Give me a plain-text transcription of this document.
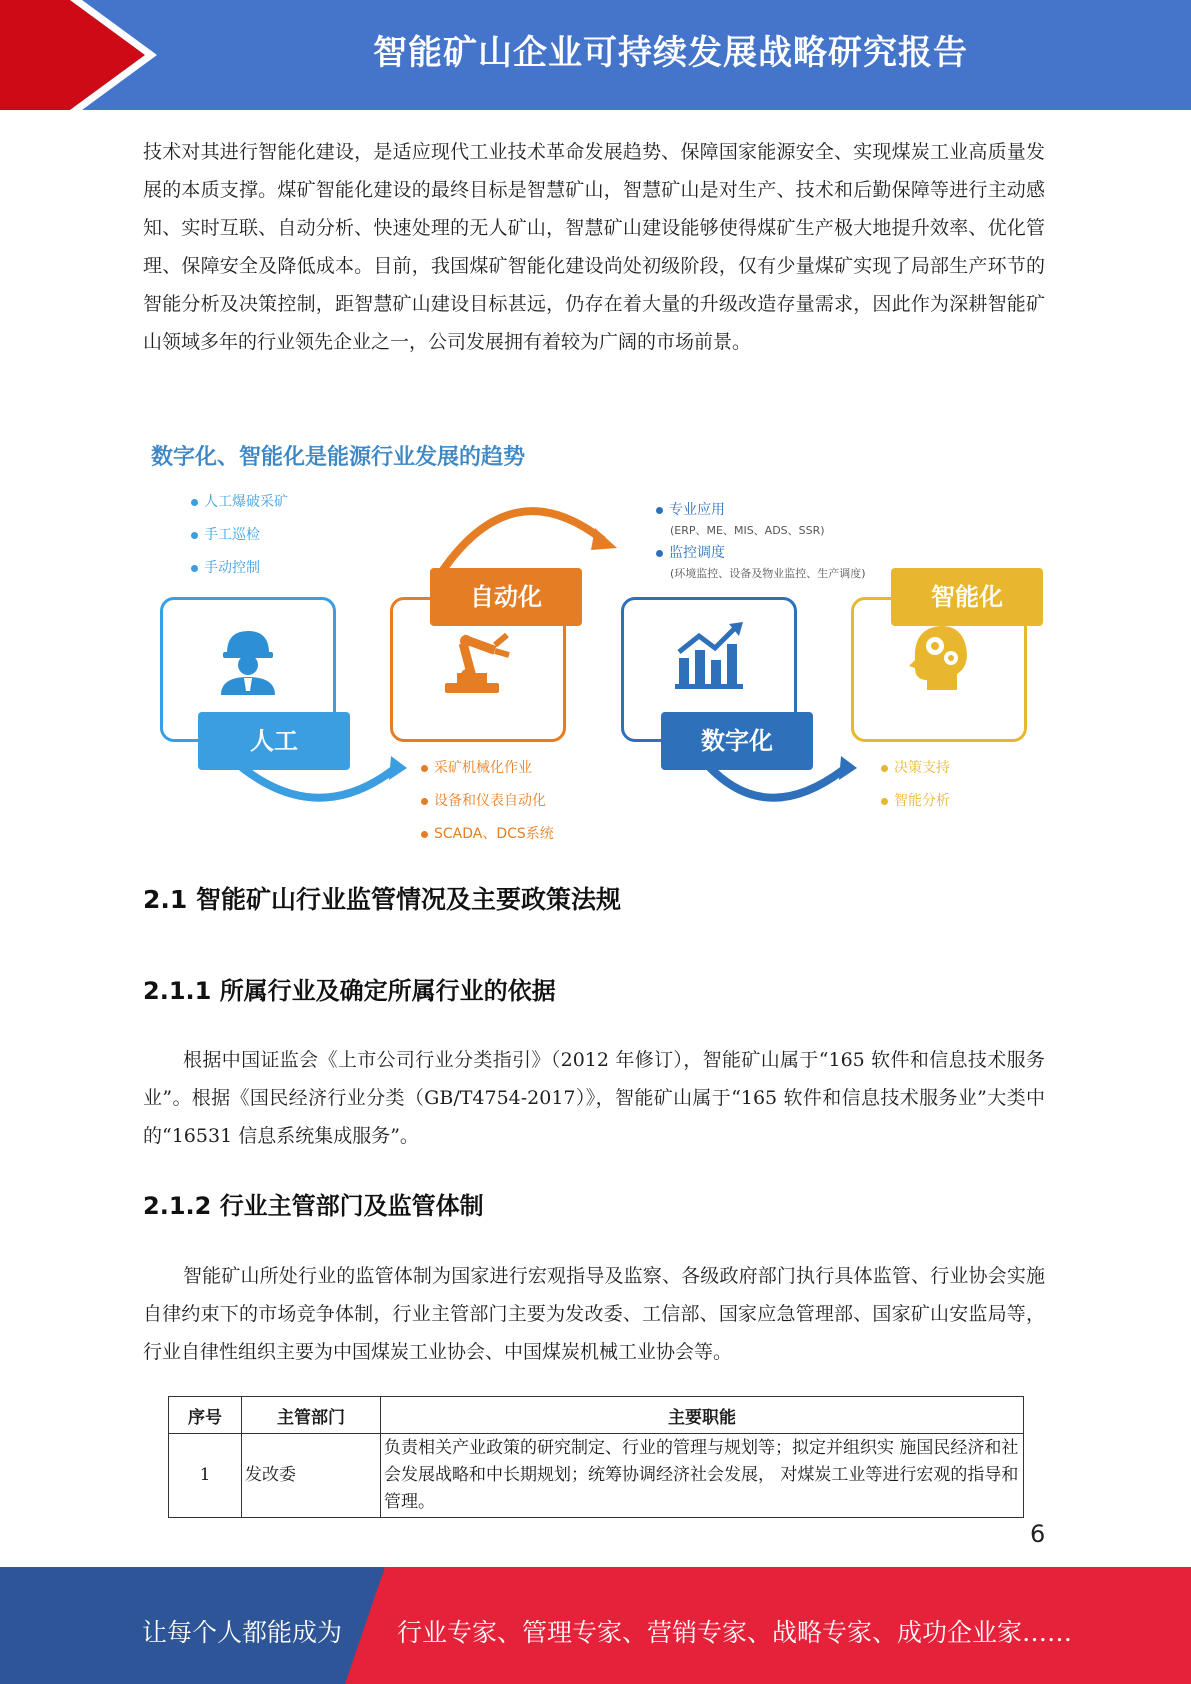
智能矿山企业可持续发展战略研究报告
技术对其进行智能化建设，是适应现代工业技术革命发展趋势、保障国家能源安全、实现煤炭工业高质量发展的本质支撑。煤矿智能化建设的最终目标是智慧矿山，智慧矿山是对生产、技术和后勤保障等进行主动感知、实时互联、自动分析、快速处理的无人矿山，智慧矿山建设能够使得煤矿生产极大地提升效率、优化管理、保障安全及降低成本。目前，我国煤矿智能化建设尚处初级阶段，仅有少量煤矿实现了局部生产环节的智能分析及决策控制，距智慧矿山建设目标甚远，仍存在着大量的升级改造存量需求，因此作为深耕智能矿山领域多年的行业领先企业之一，公司发展拥有着较为广阔的市场前景。
数字化、智能化是能源行业发展的趋势
人工爆破采矿
手工巡检
手动控制
专业应用
(ERP、ME、MIS、ADS、SSR)
监控调度
(环境监控、设备及物业监控、生产调度)
人工
自动化
数字化
智能化
采矿机械化作业
设备和仪表自动化
SCADA、DCS系统
决策支持
智能分析
2.1 智能矿山行业监管情况及主要政策法规
2.1.1 所属行业及确定所属行业的依据
根据中国证监会《上市公司行业分类指引》（2012 年修订），智能矿山属于“165 软件和信息技术服务业”。根据《国民经济行业分类（GB/T4754-2017）》，智能矿山属于“165 软件和信息技术服务业”大类中的“16531 信息系统集成服务”。
2.1.2 行业主管部门及监管体制
智能矿山所处行业的监管体制为国家进行宏观指导及监察、各级政府部门执行具体监管、行业协会实施自律约束下的市场竞争体制，行业主管部门主要为发改委、工信部、国家应急管理部、国家矿山安监局等，行业自律性组织主要为中国煤炭工业协会、中国煤炭机械工业协会等。
序号	主管部门	主要职能
1	发改委	负责相关产业政策的研究制定、行业的管理与规划等；拟定并组织实 施国民经济和社会发展战略和中长期规划；统筹协调经济社会发展， 对煤炭工业等进行宏观的指导和管理。
6
让每个人都能成为 行业专家、管理专家、营销专家、战略专家、成功企业家……
